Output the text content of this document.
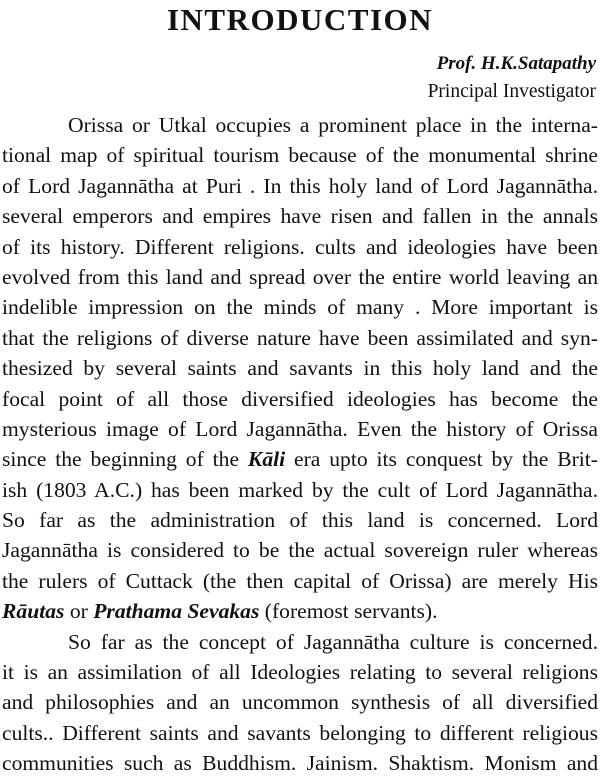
INTRODUCTION
Prof. H.K.Satapathy
Principal Investigator
Orissa or Utkal occupies a prominent place in the interna-
tional map of spiritual tourism because of the monumental shrine
of Lord Jagannātha at Puri . In this holy land of Lord Jagannātha.
several emperors and empires have risen and fallen in the annals
of its history. Different religions. cults and ideologies have been
evolved from this land and spread over the entire world leaving an
indelible impression on the minds of many . More important is
that the religions of diverse nature have been assimilated and syn-
thesized by several saints and savants in this holy land and the
focal point of all those diversified ideologies has become the
mysterious image of Lord Jagannātha. Even the history of Orissa
since the beginning of the Kāli era upto its conquest by the Brit-
ish (1803 A.C.) has been marked by the cult of Lord Jagannātha.
So far as the administration of this land is concerned. Lord
Jagannātha is considered to be the actual sovereign ruler whereas
the rulers of Cuttack (the then capital of Orissa) are merely His
Rāutas or Prathama Sevakas (foremost servants).
So far as the concept of Jagannātha culture is concerned.
it is an assimilation of all Ideologies relating to several religions
and philosophies and an uncommon synthesis of all diversified
cults.. Different saints and savants belonging to different religious
communities such as Buddhism. Jainism. Shaktism. Monism and
